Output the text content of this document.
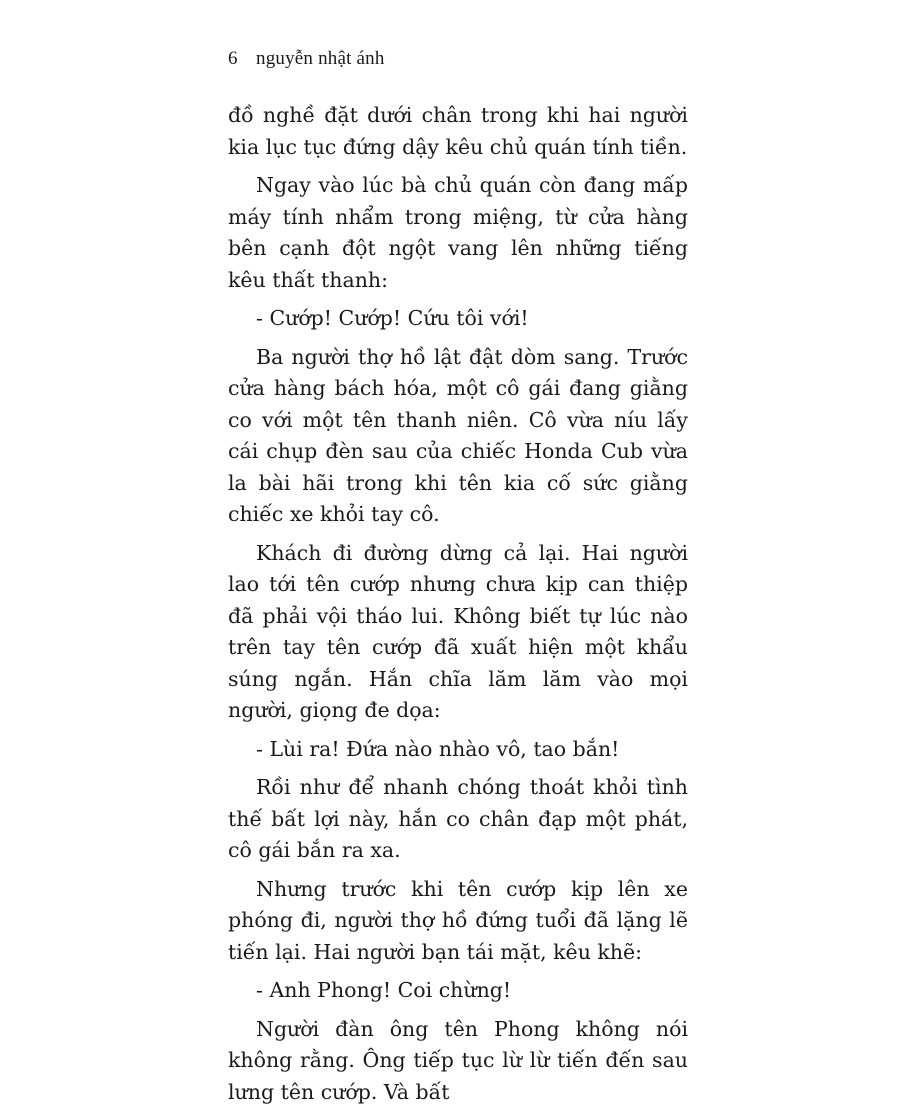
6 nguyễn nhật ánh

đồ nghề đặt dưới chân trong khi hai người kia lục tục đứng dậy kêu chủ quán tính tiền.

Ngay vào lúc bà chủ quán còn đang mấp máy tính nhẩm trong miệng, từ cửa hàng bên cạnh đột ngột vang lên những tiếng kêu thất thanh:

- Cướp! Cướp! Cứu tôi với!

Ba người thợ hồ lật đật dòm sang. Trước cửa hàng bách hóa, một cô gái đang giằng co với một tên thanh niên. Cô vừa níu lấy cái chụp đèn sau của chiếc Honda Cub vừa la bài hãi trong khi tên kia cố sức giằng chiếc xe khỏi tay cô.

Khách đi đường dừng cả lại. Hai người lao tới tên cướp nhưng chưa kịp can thiệp đã phải vội tháo lui. Không biết tự lúc nào trên tay tên cướp đã xuất hiện một khẩu súng ngắn. Hắn chĩa lăm lăm vào mọi người, giọng đe dọa:

- Lùi ra! Đứa nào nhào vô, tao bắn!

Rồi như để nhanh chóng thoát khỏi tình thế bất lợi này, hắn co chân đạp một phát, cô gái bắn ra xa.

Nhưng trước khi tên cướp kịp lên xe phóng đi, người thợ hồ đứng tuổi đã lặng lẽ tiến lại. Hai người bạn tái mặt, kêu khẽ:

- Anh Phong! Coi chừng!

Người đàn ông tên Phong không nói không rằng. Ông tiếp tục lừ lừ tiến đến sau lưng tên cướp. Và bất
